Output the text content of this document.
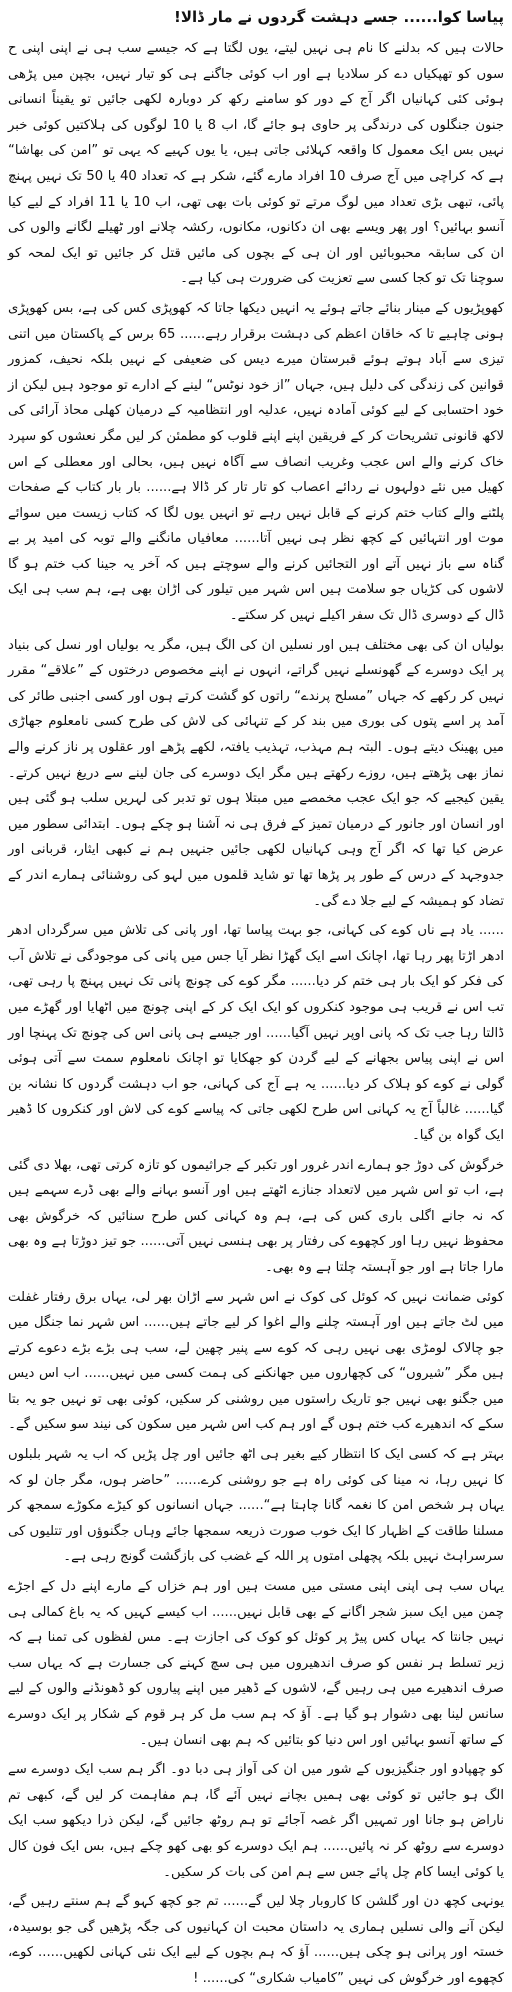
پیاسا کوا...... جسے دہشت گردوں نے مار ڈالا!

حالات ہیں کہ بدلنے کا نام ہی نہیں لیتے، یوں لگتا ہے کہ جیسے سب ہی نے اپنی اپنی ح سوں کو تھپکیاں دے کر سلادیا ہے اور اب کوئی جاگنے ہی کو تیار نہیں، بچپن میں پڑھی ہوئی کئی کہانیاں اگر آج کے دور کو سامنے رکھ کر دوبارہ لکھی جائیں تو یقیناً انسانی جنون جنگلوں کی درندگی پر حاوی ہو جائے گا، اب 8 یا 10 لوگوں کی ہلاکتیں کوئی خبر نہیں بس ایک معمول کا واقعہ کہلائی جاتی ہیں، یا یوں کہیے کہ یہی تو ”امن کی بھاشا“ ہے کہ کراچی میں آج صرف 10 افراد مارے گئے، شکر ہے کہ تعداد 40 یا 50 تک نہیں پہنچ پائی، تبھی بڑی تعداد میں لوگ مرتے تو کوئی بات بھی تھی، اب 10 یا 11 افراد کے لیے کیا آنسو بہائیں؟ اور پھر ویسے بھی ان دکانوں، مکانوں، رکشہ چلانے اور ٹھیلے لگانے والوں کی ان کی سابقہ محبوبائیں اور ان ہی کے بچوں کی مائیں قتل کر جائیں تو ایک لمحہ کو سوچنا تک تو کجا کسی سے تعزیت کی ضرورت ہی کیا ہے۔

کھوپڑیوں کے مینار بنائے جاتے ہوئے یہ انہیں دیکھا جاتا کہ کھوپڑی کس کی ہے، بس کھوپڑی ہونی چاہیے تا کہ خاقان اعظم کی دہشت برقرار رہے...... 65 برس کے پاکستان میں اتنی تیزی سے آباد ہوتے ہوئے قبرستان میرے دیس کی ضعیفی کے نہیں بلکہ نحیف، کمزور قوانین کی زندگی کی دلیل ہیں، جہاں ”از خود نوٹس“ لینے کے ادارے تو موجود ہیں لیکن از خود احتسابی کے لیے کوئی آمادہ نہیں، عدلیہ اور انتظامیہ کے درمیان کھلی محاذ آرائی کی لاکھ قانونی تشریحات کر کے فریقین اپنے اپنے قلوب کو مطمئن کر لیں مگر نعشوں کو سپرد خاک کرنے والے اس عجب وغریب انصاف سے آگاہ نہیں ہیں، بحالی اور معطلی کے اس کھیل میں نئے دولہوں نے ردائے اعصاب کو تار تار کر ڈالا ہے...... بار بار کتاب کے صفحات پلٹنے والے کتاب ختم کرنے کے قابل نہیں رہے تو انہیں یوں لگا کہ کتاب زیست میں سوائے موت اور انتہائیں کے کچھ نظر ہی نہیں آتا...... معافیاں مانگنے والے توبہ کی امید پر بے گناہ سے باز نہیں آتے اور التجائیں کرنے والے سوچتے ہیں کہ آخر یہ جینا کب ختم ہو گا لاشوں کی کڑیاں جو سلامت ہیں اس شہر میں تیلور کی اڑان بھی ہے، ہم سب ہی ایک ڈال کے دوسری ڈال تک سفر اکیلے نہیں کر سکتے۔

بولیاں ان کی بھی مختلف ہیں اور نسلیں ان کی الگ ہیں، مگر یہ بولیاں اور نسل کی بنیاد پر ایک دوسرے کے گھونسلے نہیں گراتے، انہوں نے اپنے مخصوص درختوں کے ”علاقے“ مقرر نہیں کر رکھے کہ جہاں ”مسلح پرندے“ راتوں کو گشت کرتے ہوں اور کسی اجنبی طائر کی آمد پر اسے پتوں کی بوری میں بند کر کے تنہائی کی لاش کی طرح کسی نامعلوم جھاڑی میں پھینک دیتے ہوں۔ البتہ ہم مہذب، تہذیب یافتہ، لکھے پڑھے اور عقلوں پر ناز کرنے والے نماز بھی پڑھتے ہیں، روزے رکھتے ہیں مگر ایک دوسرے کی جان لینے سے دریغ نہیں کرتے۔ یقین کیجیے کہ جو ایک عجب مخمصے میں مبتلا ہوں تو تدبر کی لہریں سلب ہو گئی ہیں اور انسان اور جانور کے درمیان تمیز کے فرق ہی نہ آشنا ہو چکے ہوں۔ ابتدائی سطور میں عرض کیا تھا کہ اگر آج وہی کہانیاں لکھی جائیں جنہیں ہم نے کبھی ایثار، قربانی اور جدوجہد کے درس کے طور پر پڑھا تھا تو شاید قلموں میں لہو کی روشنائی ہمارے اندر کے تضاد کو ہمیشہ کے لیے جلا دے گی۔

...... یاد ہے ناں کوے کی کہانی، جو بہت پیاسا تھا، اور پانی کی تلاش میں سرگرداں ادھر ادھر اڑتا پھر رہا تھا، اچانک اسے ایک گھڑا نظر آیا جس میں پانی کی موجودگی نے تلاش آب کی فکر کو ایک بار ہی ختم کر دیا...... مگر کوے کی چونچ پانی تک نہیں پہنچ پا رہی تھی، تب اس نے قریب ہی موجود کنکروں کو ایک ایک کر کے اپنی چونچ میں اٹھایا اور گھڑے میں ڈالتا رہا جب تک کہ پانی اوپر نہیں آگیا...... اور جیسے ہی پانی اس کی چونچ تک پہنچا اور اس نے اپنی پیاس بجھانے کے لیے گردن کو جھکایا تو اچانک نامعلوم سمت سے آتی ہوئی گولی نے کوے کو ہلاک کر دیا...... یہ ہے آج کی کہانی، جو اب دہشت گردوں کا نشانہ بن گیا...... غالباً آج یہ کہانی اس طرح لکھی جاتی کہ پیاسے کوے کی لاش اور کنکروں کا ڈھیر ایک گواہ بن گیا۔

خرگوش کی دوڑ جو ہمارے اندر غرور اور تکبر کے جراثیموں کو تازہ کرتی تھی، بھلا دی گئی ہے، اب تو اس شہر میں لاتعداد جنازے اٹھتے ہیں اور آنسو بہانے والے بھی ڈرے سہمے ہیں کہ نہ جانے اگلی باری کس کی ہے، ہم وہ کہانی کس طرح سنائیں کہ خرگوش بھی محفوظ نہیں رہا اور کچھوے کی رفتار پر بھی ہنسی نہیں آتی...... جو تیز دوڑتا ہے وہ بھی مارا جاتا ہے اور جو آہستہ چلتا ہے وہ بھی۔

کوئی ضمانت نہیں کہ کوئل کی کوک نے اس شہر سے اڑان بھر لی، یہاں برق رفتار غفلت میں لٹ جاتے ہیں اور آہستہ چلنے والے اغوا کر لیے جاتے ہیں...... اس شہر نما جنگل میں جو چالاک لومڑی بھی نہیں رہی کہ کوے سے پنیر چھین لے، سب ہی بڑے بڑے دعوے کرتے ہیں مگر ”شیروں“ کی کچھاروں میں جھانکنے کی ہمت کسی میں نہیں...... اب اس دیس میں جگنو بھی نہیں جو تاریک راستوں میں روشنی کر سکیں، کوئی بھی تو نہیں جو یہ بتا سکے کہ اندھیرے کب ختم ہوں گے اور ہم کب اس شہر میں سکون کی نیند سو سکیں گے۔

بہتر ہے کہ کسی ایک کا انتظار کیے بغیر ہی اٹھ جائیں اور چل پڑیں کہ اب یہ شہر بلبلوں کا نہیں رہا، نہ مینا کی کوئی راہ ہے جو روشنی کرے...... ”حاضر ہوں، مگر جان لو کہ یہاں ہر شخص امن کا نغمہ گانا چاہتا ہے“...... جہاں انسانوں کو کیڑے مکوڑے سمجھ کر مسلنا طاقت کے اظہار کا ایک خوب صورت ذریعہ سمجھا جائے وہاں جگنوؤں اور تتلیوں کی سرسراہٹ نہیں بلکہ پچھلی امتوں پر اللہ کے غضب کی بازگشت گونج رہی ہے۔

یہاں سب ہی اپنی اپنی مستی میں مست ہیں اور ہم خزاں کے مارے اپنے دل کے اجڑے چمن میں ایک سبز شجر اگانے کے بھی قابل نہیں...... اب کیسے کہیں کہ یہ باغ کمالی ہی نہیں جانتا کہ یہاں کس پیڑ پر کوئل کو کوک کی اجازت ہے۔ مس لفظوں کی تمنا ہے کہ زیر تسلط ہر نفس کو صرف اندھیروں میں ہی سچ کہنے کی جسارت ہے کہ یہاں سب صرف اندھیرے میں ہی رہیں گے، لاشوں کے ڈھیر میں اپنے پیاروں کو ڈھونڈنے والوں کے لیے سانس لینا بھی دشوار ہو گیا ہے۔ آؤ کہ ہم سب مل کر ہر قوم کے شکار پر ایک دوسرے کے ساتھ آنسو بہائیں اور اس دنیا کو بتائیں کہ ہم بھی انسان ہیں۔

کو چھپادو اور جنگیزیوں کے شور میں ان کی آواز ہی دبا دو۔ اگر ہم سب ایک دوسرے سے الگ ہو جائیں تو کوئی بھی ہمیں بچانے نہیں آئے گا، ہم مفاہمت کر لیں گے، کبھی تم ناراض ہو جانا اور تمہیں اگر غصہ آجائے تو ہم روٹھ جائیں گے، لیکن ذرا دیکھو سب ایک دوسرے سے روٹھ کر نہ پائیں...... ہم ایک دوسرے کو بھی کھو چکے ہیں، بس ایک فون کال یا کوئی ایسا کام چل پائے جس سے ہم امن کی بات کر سکیں۔

یونہی کچھ دن اور گلشن کا کاروبار چلا لیں گے...... تم جو کچھ کہو گے ہم سنتے رہیں گے، لیکن آنے والی نسلیں ہماری یہ داستان محبت ان کہانیوں کی جگہ پڑھیں گی جو بوسیدہ، خستہ اور پرانی ہو چکی ہیں...... آؤ کہ ہم بچوں کے لیے ایک نئی کہانی لکھیں...... کوے، کچھوے اور خرگوش کی نہیں ”کامیاب شکاری“ کی...... !
